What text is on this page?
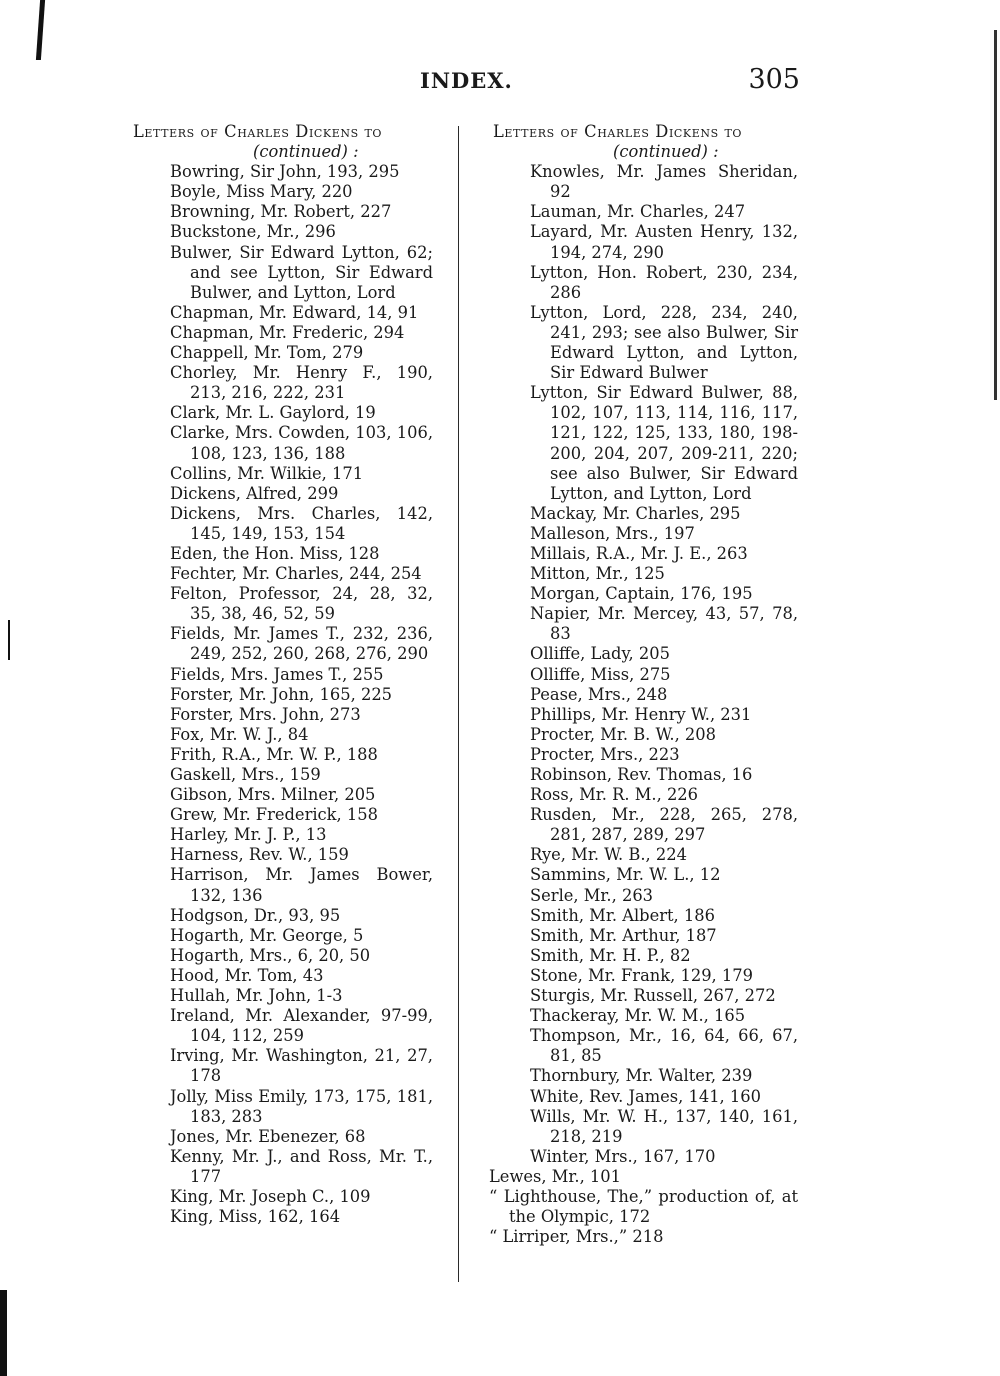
INDEX.	305
Letters of Charles Dickens to
(continued) :
Bowring, Sir John, 193, 295
Boyle, Miss Mary, 220
Browning, Mr. Robert, 227
Buckstone, Mr., 296
Bulwer, Sir Edward Lytton, 62; and see Lytton, Sir Edward Bulwer, and Lytton, Lord
Chapman, Mr. Edward, 14, 91
Chapman, Mr. Frederic, 294
Chappell, Mr. Tom, 279
Chorley, Mr. Henry F., 190, 213, 216, 222, 231
Clark, Mr. L. Gaylord, 19
Clarke, Mrs. Cowden, 103, 106, 108, 123, 136, 188
Collins, Mr. Wilkie, 171
Dickens, Alfred, 299
Dickens, Mrs. Charles, 142, 145, 149, 153, 154
Eden, the Hon. Miss, 128
Fechter, Mr. Charles, 244, 254
Felton, Professor, 24, 28, 32, 35, 38, 46, 52, 59
Fields, Mr. James T., 232, 236, 249, 252, 260, 268, 276, 290
Fields, Mrs. James T., 255
Forster, Mr. John, 165, 225
Forster, Mrs. John, 273
Fox, Mr. W. J., 84
Frith, R.A., Mr. W. P., 188
Gaskell, Mrs., 159
Gibson, Mrs. Milner, 205
Grew, Mr. Frederick, 158
Harley, Mr. J. P., 13
Harness, Rev. W., 159
Harrison, Mr. James Bower, 132, 136
Hodgson, Dr., 93, 95
Hogarth, Mr. George, 5
Hogarth, Mrs., 6, 20, 50
Hood, Mr. Tom, 43
Hullah, Mr. John, 1-3
Ireland, Mr. Alexander, 97-99, 104, 112, 259
Irving, Mr. Washington, 21, 27, 178
Jolly, Miss Emily, 173, 175, 181, 183, 283
Jones, Mr. Ebenezer, 68
Kenny, Mr. J., and Ross, Mr. T., 177
King, Mr. Joseph C., 109
King, Miss, 162, 164
Letters of Charles Dickens to
(continued) :
Knowles, Mr. James Sheridan, 92
Lauman, Mr. Charles, 247
Layard, Mr. Austen Henry, 132, 194, 274, 290
Lytton, Hon. Robert, 230, 234, 286
Lytton, Lord, 228, 234, 240, 241, 293; see also Bulwer, Sir Edward Lytton, and Lytton, Sir Edward Bulwer
Lytton, Sir Edward Bulwer, 88, 102, 107, 113, 114, 116, 117, 121, 122, 125, 133, 180, 198-200, 204, 207, 209-211, 220; see also Bulwer, Sir Edward Lytton, and Lytton, Lord
Mackay, Mr. Charles, 295
Malleson, Mrs., 197
Millais, R.A., Mr. J. E., 263
Mitton, Mr., 125
Morgan, Captain, 176, 195
Napier, Mr. Mercey, 43, 57, 78, 83
Olliffe, Lady, 205
Olliffe, Miss, 275
Pease, Mrs., 248
Phillips, Mr. Henry W., 231
Procter, Mr. B. W., 208
Procter, Mrs., 223
Robinson, Rev. Thomas, 16
Ross, Mr. R. M., 226
Rusden, Mr., 228, 265, 278, 281, 287, 289, 297
Rye, Mr. W. B., 224
Sammins, Mr. W. L., 12
Serle, Mr., 263
Smith, Mr. Albert, 186
Smith, Mr. Arthur, 187
Smith, Mr. H. P., 82
Stone, Mr. Frank, 129, 179
Sturgis, Mr. Russell, 267, 272
Thackeray, Mr. W. M., 165
Thompson, Mr., 16, 64, 66, 67, 81, 85
Thornbury, Mr. Walter, 239
White, Rev. James, 141, 160
Wills, Mr. W. H., 137, 140, 161, 218, 219
Winter, Mrs., 167, 170
Lewes, Mr., 101
“ Lighthouse, The,” production of, at the Olympic, 172
“ Lirriper, Mrs.,” 218
